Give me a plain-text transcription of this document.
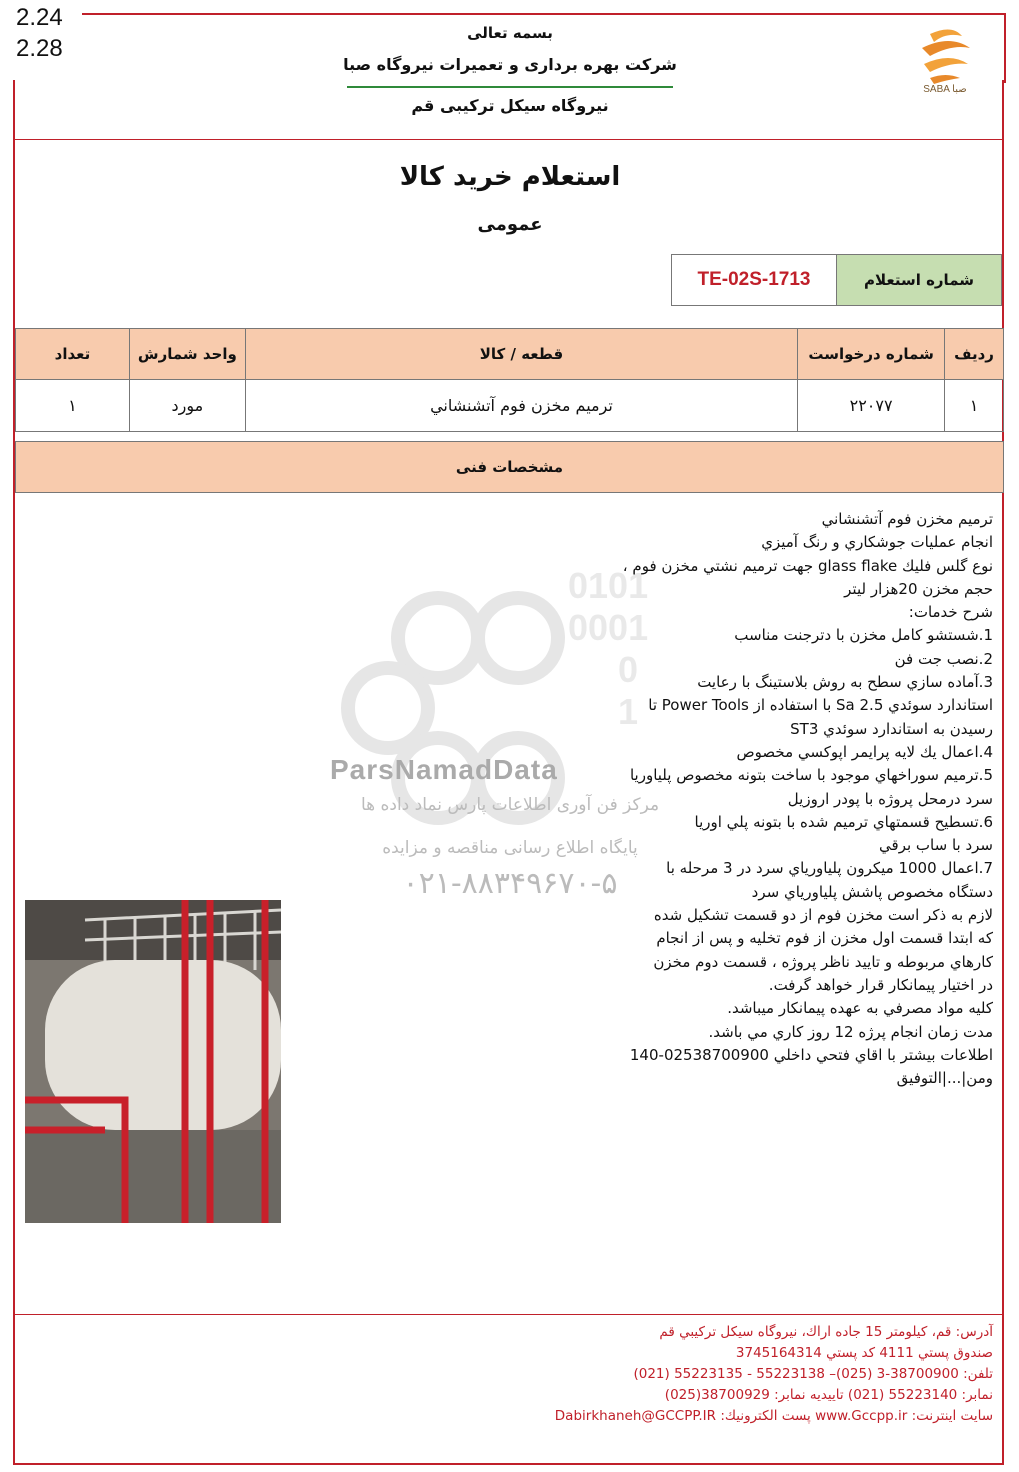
2.24
2.28
بسمه تعالی
شرکت بهره برداری و تعمیرات نیروگاه صبا
نیروگاه سیکل ترکیبی قم
SABA صبا
استعلام خرید کالا
عمومی
شماره استعلام
TE-02S-1713
ردیف	شماره درخواست	قطعه / کالا	واحد شمارش	تعداد
۱	۲۲۰۷۷	ترميم مخزن فوم آتشنشاني	مورد	۱
مشخصات فنی
0101
0001
0
1
ParsNamadData
مرکز فن آوری اطلاعات پارس نماد داده ها
پایگاه اطلاع رسانی مناقصه و مزایده
۰۲۱-۸۸۳۴۹۶۷۰-۵
ترميم مخزن فوم آتشنشاني
انجام عمليات جوشكاري و رنگ آميزي
نوع گلس فليك glass flake جهت ترميم نشتي مخزن فوم ،
حجم مخزن 20هزار ليتر
شرح خدمات:
1.شستشو كامل مخزن با دترجنت مناسب
2.نصب جت فن
3.آماده سازي سطح به روش بلاستينگ با رعايت
استاندارد سوئدي Sa 2.5 با استفاده از Power Tools تا
رسيدن به استاندارد سوئدي ST3
4.اعمال يك لايه پرايمر اپوكسي مخصوص
5.ترميم سوراخهاي موجود با ساخت بتونه مخصوص پلياوريا
سرد درمحل پروژه با پودر اروزيل
6.تسطيح قسمتهاي ترميم شده با بتونه پلي اوريا
سرد با ساب برقي
7.اعمال 1000 ميكرون پلياورياي سرد در 3 مرحله با
دستگاه مخصوص پاشش پلياورياي سرد
لازم به ذكر است مخزن فوم از دو قسمت تشكيل شده
كه ابتدا قسمت اول مخزن از فوم تخليه و پس از انجام
كارهاي مربوطه و تاييد ناظر پروژه ، قسمت دوم مخزن
در اختيار پيمانكار قرار خواهد گرفت.
كليه مواد مصرفي به عهده پيمانكار ميباشد.
مدت زمان انجام پرژه 12 روز كاري مي باشد.
اطلاعات بيشتر با اقاي فتحي داخلي 02538700900-140
ومن|...|التوفيق
آدرس: قم، كيلومتر 15 جاده اراك، نيروگاه سيكل تركيبي قم
صندوق پستي 4111 كد پستي 3745164314
تلفن: 38700900-3 (025)– 55223138 - 55223135 (021)
نمابر: 55223140 (021) تاييديه نمابر: 38700929(025)
سايت اينترنت: www.Gccpp.ir پست الكترونيك: Dabirkhaneh@GCCPP.IR
